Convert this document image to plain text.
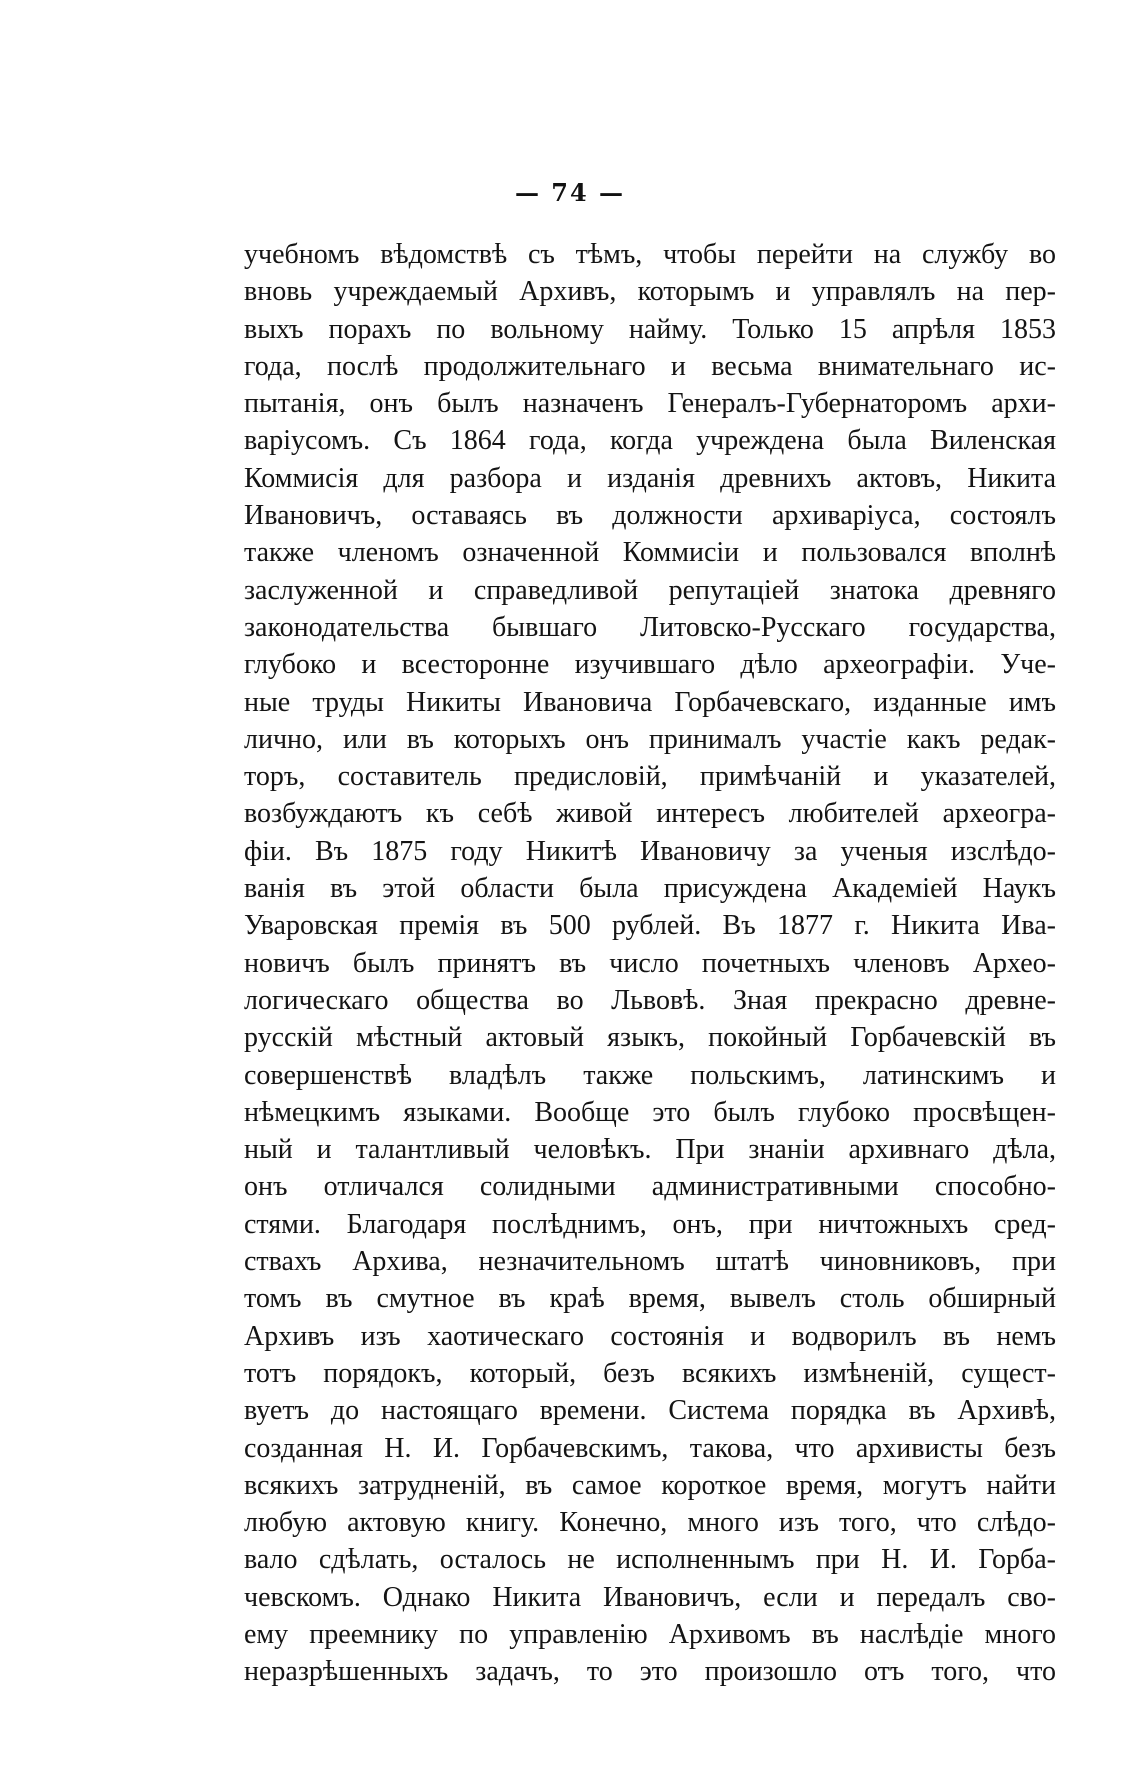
— 74 —
учебномъ вѣдомствѣ съ тѣмъ, чтобы перейти на службу во
вновь учреждаемый Архивъ, которымъ и управлялъ на пер-
выхъ порахъ по вольному найму. Только 15 апрѣля 1853
года, послѣ продолжительнаго и весьма внимательнаго ис-
пытанія, онъ былъ назначенъ Генералъ-Губернаторомъ архи-
варіусомъ. Съ 1864 года, когда учреждена была Виленская
Коммисія для разбора и изданія древнихъ актовъ, Никита
Ивановичъ, оставаясь въ должности архиваріуса, состоялъ
также членомъ означенной Коммисіи и пользовался вполнѣ
заслуженной и справедливой репутаціей знатока древняго
законодательства бывшаго Литовско-Русскаго государства,
глубоко и всесторонне изучившаго дѣло археографіи. Уче-
ные труды Никиты Ивановича Горбачевскаго, изданные имъ
лично, или въ которыхъ онъ принималъ участіе какъ редак-
торъ, составитель предисловій, примѣчаній и указателей,
возбуждаютъ къ себѣ живой интересъ любителей археогра-
фіи. Въ 1875 году Никитѣ Ивановичу за ученыя изслѣдо-
ванія въ этой области была присуждена Академіей Наукъ
Уваровская премія въ 500 рублей. Въ 1877 г. Никита Ива-
новичъ былъ принятъ въ число почетныхъ членовъ Архео-
логическаго общества во Львовѣ. Зная прекрасно древне-
русскій мѣстный актовый языкъ, покойный Горбачевскій въ
совершенствѣ владѣлъ также польскимъ, латинскимъ и
нѣмецкимъ языками. Вообще это былъ глубоко просвѣщен-
ный и талантливый человѣкъ. При знаніи архивнаго дѣла,
онъ отличался солидными административными способно-
стями. Благодаря послѣднимъ, онъ, при ничтожныхъ сред-
ствахъ Архива, незначительномъ штатѣ чиновниковъ, при
томъ въ смутное въ краѣ время, вывелъ столь обширный
Архивъ изъ хаотическаго состоянія и водворилъ въ немъ
тотъ порядокъ, который, безъ всякихъ измѣненій, сущест-
вуетъ до настоящаго времени. Система порядка въ Архивѣ,
созданная Н. И. Горбачевскимъ, такова, что архивисты безъ
всякихъ затрудненій, въ самое короткое время, могутъ найти
любую актовую книгу. Конечно, много изъ того, что слѣдо-
вало сдѣлать, осталось не исполненнымъ при Н. И. Горба-
чевскомъ. Однако Никита Ивановичъ, если и передалъ сво-
ему преемнику по управленію Архивомъ въ наслѣдіе много
неразрѣшенныхъ задачъ, то это произошло отъ того, что
